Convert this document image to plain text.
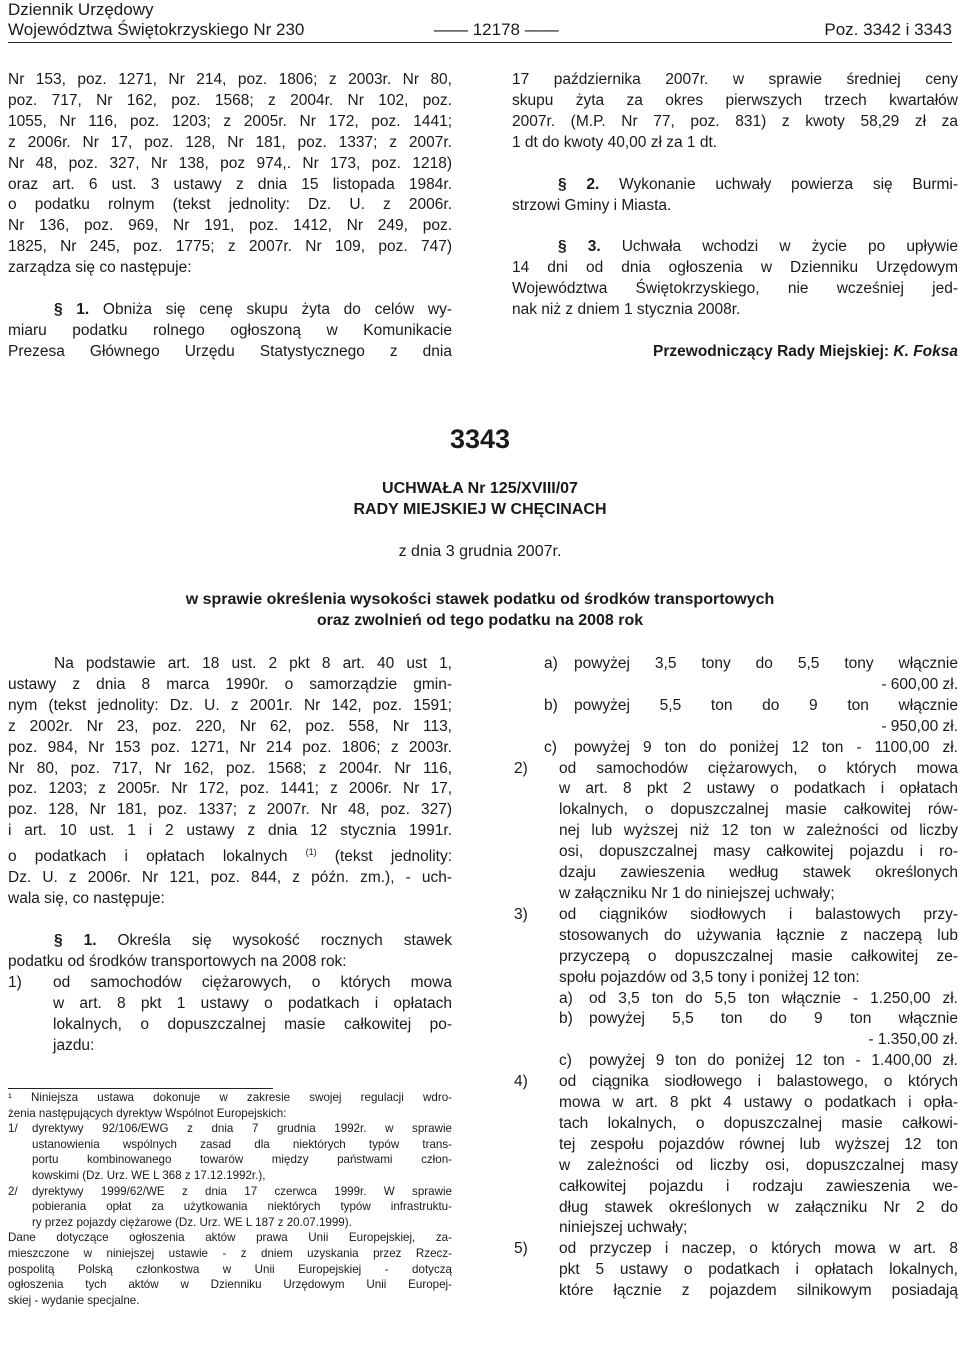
Dziennik Urzędowy
Województwa Świętokrzyskiego Nr 230	—— 12178 ——	Poz. 3342 i 3343

Nr 153, poz. 1271, Nr 214, poz. 1806; z 2003r. Nr 80,

poz. 717, Nr 162, poz. 1568; z 2004r. Nr 102, poz.

1055, Nr 116, poz. 1203; z 2005r. Nr 172, poz. 1441;

z 2006r. Nr 17, poz. 128, Nr 181, poz. 1337; z 2007r.

Nr 48, poz. 327, Nr 138, poz 974,. Nr 173, poz. 1218)

oraz art. 6 ust. 3 ustawy z dnia 15 listopada 1984r.

o podatku rolnym (tekst jednolity: Dz. U. z 2006r.

Nr 136, poz. 969, Nr 191, poz. 1412, Nr 249, poz.

1825, Nr 245, poz. 1775; z 2007r. Nr 109, poz. 747)

zarządza się co następuje:

§ 1. Obniża się cenę skupu żyta do celów wy-

miaru podatku rolnego ogłoszoną w Komunikacie

Prezesa Głównego Urzędu Statystycznego z dnia

17 października 2007r. w sprawie średniej ceny

skupu żyta za okres pierwszych trzech kwartałów

2007r. (M.P. Nr 77, poz. 831) z kwoty 58,29 zł za

1 dt do kwoty 40,00 zł za 1 dt.

§ 2. Wykonanie uchwały powierza się Burmi-

strzowi Gminy i Miasta.

§ 3. Uchwała wchodzi w życie po upływie

14 dni od dnia ogłoszenia w Dzienniku Urzędowym

Województwa Świętokrzyskiego, nie wcześniej jed-

nak niż z dniem 1 stycznia 2008r.

Przewodniczący Rady Miejskiej: K. Foksa

3343
UCHWAŁA Nr 125/XVIII/07
RADY MIEJSKIEJ W CHĘCINACH
z dnia 3 grudnia 2007r.
w sprawie określenia wysokości stawek podatku od środków transportowych
oraz zwolnień od tego podatku na 2008 rok

Na podstawie art. 18 ust. 2 pkt 8 art. 40 ust 1,

ustawy z dnia 8 marca 1990r. o samorządzie gmin-

nym (tekst jednolity: Dz. U. z 2001r. Nr 142, poz. 1591;

z 2002r. Nr 23, poz. 220, Nr 62, poz. 558, Nr 113,

poz. 984, Nr 153 poz. 1271, Nr 214 poz. 1806; z 2003r.

Nr 80, poz. 717, Nr 162, poz. 1568; z 2004r. Nr 116,

poz. 1203; z 2005r. Nr 172, poz. 1441; z 2006r. Nr 17,

poz. 128, Nr 181, poz. 1337; z 2007r. Nr 48, poz. 327)

i art. 10 ust. 1 i 2 ustawy z dnia 12 stycznia 1991r.

o podatkach i opłatach lokalnych $^{(1)}$ (tekst jednolity:

Dz. U. z 2006r. Nr 121, poz. 844, z późn. zm.), - uch-

wala się, co następuje:

§ 1. Określa się wysokość rocznych stawek

podatku od środków transportowych na 2008 rok:

1)	od samochodów ciężarowych, o których mowa

w art. 8 pkt 1 ustawy o podatkach i opłatach

lokalnych, o dopuszczalnej masie całkowitej po-

jazdu:

¹ Niniejsza ustawa dokonuje w zakresie swojej regulacji wdro-

żenia następujących dyrektyw Wspólnot Europejskich:

1/	dyrektywy 92/106/EWG z dnia 7 grudnia 1992r. w sprawie

ustanowienia wspólnych zasad dla niektórych typów trans-

portu kombinowanego towarów między państwami człon-

kowskimi (Dz. Urz. WE L 368 z 17.12.1992r.),

2/	dyrektywy 1999/62/WE z dnia 17 czerwca 1999r. W sprawie

pobierania opłat za użytkowania niektórych typów infrastruktu-

ry przez pojazdy ciężarowe (Dz. Urz. WE L 187 z 20.07.1999).

Dane dotyczące ogłoszenia aktów prawa Unii Europejskiej, za-

mieszczone w niniejszej ustawie - z dniem uzyskania przez Rzecz-

pospolitą Polską członkostwa w Unii Europejskiej - dotyczą

ogłoszenia tych aktów w Dzienniku Urzędowym Unii Europej-

skiej - wydanie specjalne.

a)	powyżej 3,5 tony do 5,5 tony włącznie

- 600,00 zł.

b)	powyżej 5,5 ton do 9 ton włącznie

- 950,00 zł.

c)	powyżej 9 ton do poniżej 12 ton - 1100,00 zł.
2)	od samochodów ciężarowych, o których mowa

w art. 8 pkt 2 ustawy o podatkach i opłatach

lokalnych, o dopuszczalnej masie całkowitej rów-

nej lub wyższej niż 12 ton w zależności od liczby

osi, dopuszczalnej masy całkowitej pojazdu i ro-

dzaju zawieszenia według stawek określonych

w załączniku Nr 1 do niniejszej uchwały;

3)	od ciągników siodłowych i balastowych przy-

stosowanych do używania łącznie z naczepą lub

przyczepą o dopuszczalnej masie całkowitej ze-

społu pojazdów od 3,5 tony i poniżej 12 ton:

a)	od 3,5 ton do 5,5 ton włącznie - 1.250,00 zł.
b)	powyżej 5,5 ton do 9 ton włącznie

- 1.350,00 zł.

c)	powyżej 9 ton do poniżej 12 ton - 1.400,00 zł.
4)	od ciągnika siodłowego i balastowego, o których

mowa w art. 8 pkt 4 ustawy o podatkach i opła-

tach lokalnych, o dopuszczalnej masie całkowi-

tej zespołu pojazdów równej lub wyższej 12 ton

w zależności od liczby osi, dopuszczalnej masy

całkowitej pojazdu i rodzaju zawieszenia we-

dług stawek określonych w załączniku Nr 2 do

niniejszej uchwały;

5)	od przyczep i naczep, o których mowa w art. 8

pkt 5 ustawy o podatkach i opłatach lokalnych,

które łącznie z pojazdem silnikowym posiadają
